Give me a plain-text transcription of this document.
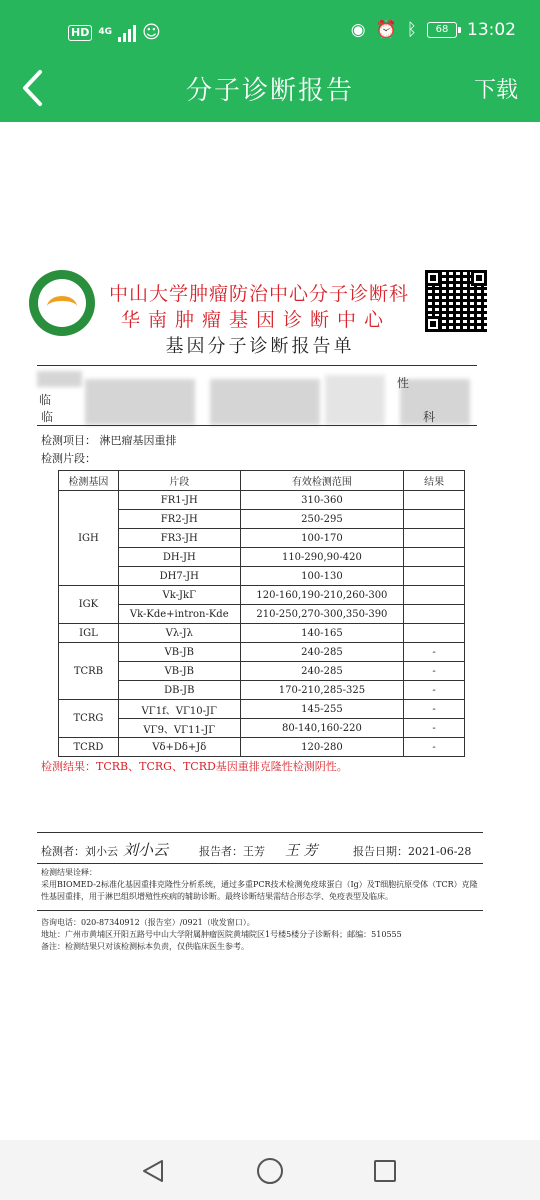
HD	4G ☺	◉ ⏰ ᛒ	68	13:02
分子诊断报告	下载
中山大学肿瘤防治中心分子诊断科
华南肿瘤基因诊断中心
基因分子诊断报告单
性
临
临	科
检测项目： 淋巴瘤基因重排
检测片段：
检测基因	片段	有效检测范围	结果
IGH	FR1-JH	310-360	
	FR2-JH	250-295	
	FR3-JH	100-170	
	DH-JH	110-290,90-420	
	DH7-JH	100-130	
IGK	Vk-JkΓ	120-160,190-210,260-300	
	Vk-Kde+intron-Kde	210-250,270-300,350-390	
IGL	Vλ-Jλ	140-165	
TCRB	VB-JB	240-285	-
	VB-JB	240-285	-
	DB-JB	170-210,285-325	-
TCRG	VΓ1f、VΓ10-JΓ	145-255	-
	VΓ9、VΓ11-JΓ	80-140,160-220	-
TCRD	Vδ+Dδ+Jδ	120-280	-
检测结果：TCRB、TCRG、TCRD基因重排克隆性检测阴性。
检测者：刘小云 刘小云	报告者：王芳 王 芳	报告日期：2021-06-28
检测结果诠释：
采用BIOMED-2标准化基因重排克隆性分析系统，通过多重PCR技术检测免疫球蛋白（Ig）及T细胞抗原受体（TCR）克隆
性基因重排，用于淋巴组织增殖性疾病的辅助诊断。最终诊断结果需结合形态学、免疫表型及临床。
咨询电话：020-87340912（报告室）/0921（收发窗口）。
地址：广州市黄埔区开阳五路号中山大学附属肿瘤医院黄埔院区1号楼5楼分子诊断科；邮编：510555
备注：检测结果只对该检测标本负责，仅供临床医生参考。
